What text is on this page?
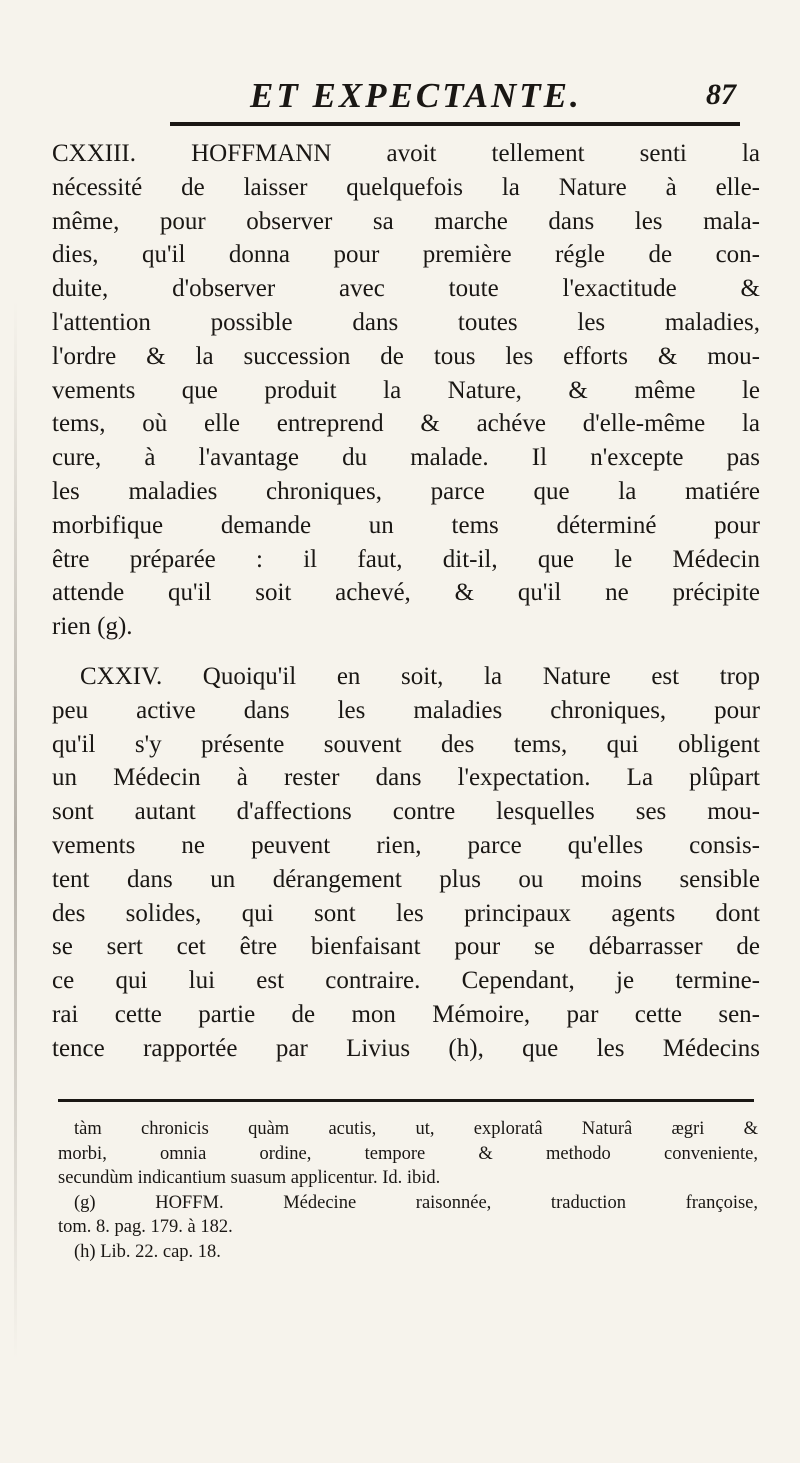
ET EXPECTANTE.	87
CXXIII. HOFFMANN avoit tellement senti la
nécessité de laisser quelquefois la Nature à elle-
même, pour observer sa marche dans les mala-
dies, qu'il donna pour première régle de con-
duite, d'observer avec toute l'exactitude &
l'attention possible dans toutes les maladies,
l'ordre & la succession de tous les efforts & mou-
vements que produit la Nature, & même le
tems, où elle entreprend & achéve d'elle-même la
cure, à l'avantage du malade. Il n'excepte pas
les maladies chroniques, parce que la matiére
morbifique demande un tems déterminé pour
être préparée : il faut, dit-il, que le Médecin
attende qu'il soit achevé, & qu'il ne précipite
rien (g).
CXXIV. Quoiqu'il en soit, la Nature est trop
peu active dans les maladies chroniques, pour
qu'il s'y présente souvent des tems, qui obligent
un Médecin à rester dans l'expectation. La plûpart
sont autant d'affections contre lesquelles ses mou-
vements ne peuvent rien, parce qu'elles consis-
tent dans un dérangement plus ou moins sensible
des solides, qui sont les principaux agents dont
se sert cet être bienfaisant pour se débarrasser de
ce qui lui est contraire. Cependant, je termine-
rai cette partie de mon Mémoire, par cette sen-
tence rapportée par Livius (h), que les Médecins
tàm chronicis quàm acutis, ut, exploratâ Naturâ ægri &
morbi, omnia ordine, tempore & methodo conveniente,
secundùm indicantium suasum applicentur. Id. ibid.
(g) HOFFM. Médecine raisonnée, traduction françoise,
tom. 8. pag. 179. à 182.
(h) Lib. 22. cap. 18.
